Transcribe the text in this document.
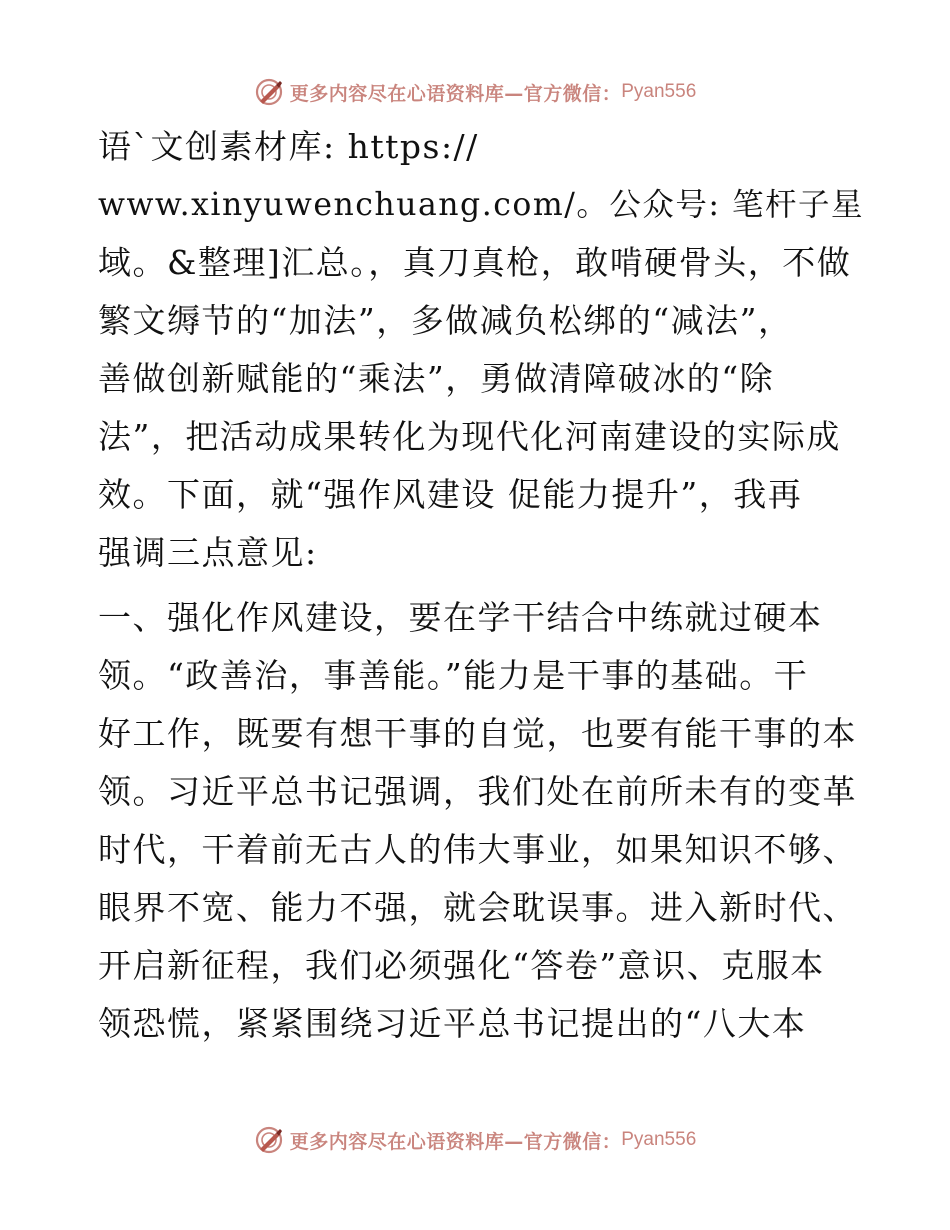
更多内容尽在心语资料库—官方微信： Pyan556
语`文创素材库: https://
www.xinyuwenchuang.com/。公众号: 笔杆子星
域。&整理]汇总。，真刀真枪，敢啃硬骨头，不做
繁文缛节的“加法”，多做减负松绑的“减法”，
善做创新赋能的“乘法”，勇做清障破冰的“除
法”，把活动成果转化为现代化河南建设的实际成
效。下面，就“强作风建设 促能力提升”，我再
强调三点意见:
一、强化作风建设，要在学干结合中练就过硬本
领。“政善治，事善能。”能力是干事的基础。干
好工作，既要有想干事的自觉，也要有能干事的本
领。习近平总书记强调，我们处在前所未有的变革
时代，干着前无古人的伟大事业，如果知识不够、
眼界不宽、能力不强，就会耽误事。进入新时代、
开启新征程，我们必须强化“答卷”意识、克服本
领恐慌，紧紧围绕习近平总书记提出的“八大本
更多内容尽在心语资料库—官方微信： Pyan556
